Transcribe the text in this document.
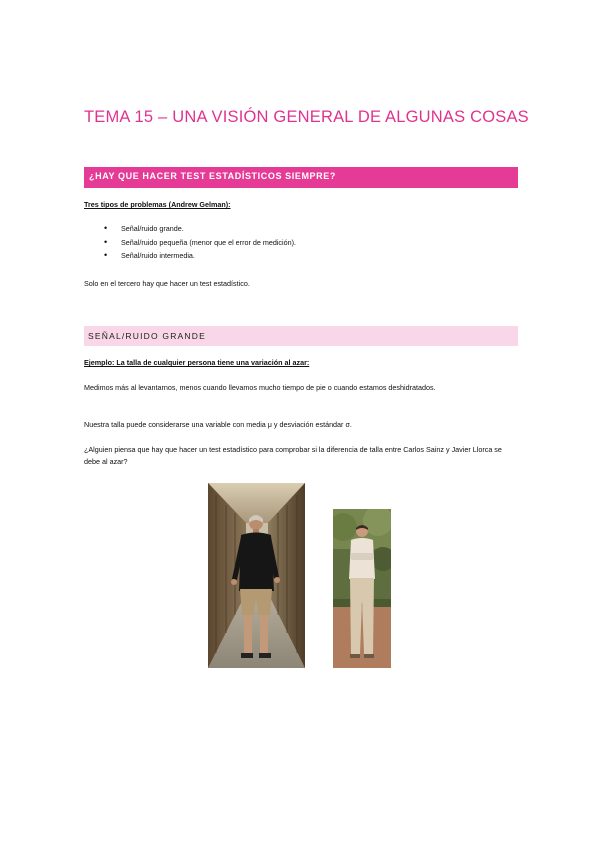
TEMA 15 – UNA VISIÓN GENERAL DE ALGUNAS COSAS
¿HAY QUE HACER TEST ESTADÍSTICOS SIEMPRE?
Tres tipos de problemas (Andrew Gelman):
• Señal/ruido grande.
• Señal/ruido pequeña (menor que el error de medición).
• Señal/ruido intermedia.
Solo en el tercero hay que hacer un test estadístico.
SEÑAL/RUIDO GRANDE
Ejemplo: La talla de cualquier persona tiene una variación al azar:
Medimos más al levantarnos, menos cuando llevamos mucho tiempo de pie o cuando estamos deshidratados.
Nuestra talla puede considerarse una variable con media μ y desviación estándar σ.
¿Alguien piensa que hay que hacer un test estadístico para comprobar si la diferencia de talla entre Carlos Sainz y Javier Llorca se debe al azar?
